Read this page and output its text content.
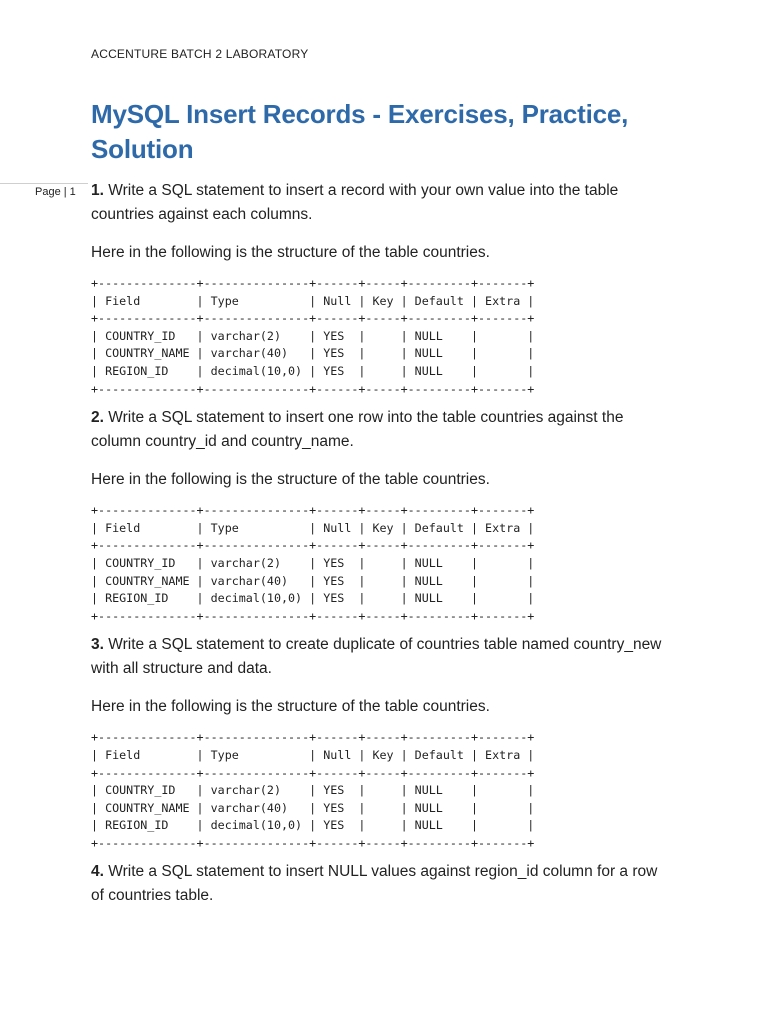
ACCENTURE BATCH 2 LABORATORY
MySQL Insert Records - Exercises, Practice, Solution
Page | 1 1. Write a SQL statement to insert a record with your own value into the table countries against each columns.

Here in the following is the structure of the table countries.

+--------------+---------------+------+-----+---------+-------+
| Field        | Type          | Null | Key | Default | Extra |
+--------------+---------------+------+-----+---------+-------+
| COUNTRY_ID   | varchar(2)    | YES  |     | NULL    |       |
| COUNTRY_NAME | varchar(40)   | YES  |     | NULL    |       |
| REGION_ID    | decimal(10,0) | YES  |     | NULL    |       |
+--------------+---------------+------+-----+---------+-------+

2. Write a SQL statement to insert one row into the table countries against the column country_id and country_name.

Here in the following is the structure of the table countries.

+--------------+---------------+------+-----+---------+-------+
| Field        | Type          | Null | Key | Default | Extra |
+--------------+---------------+------+-----+---------+-------+
| COUNTRY_ID   | varchar(2)    | YES  |     | NULL    |       |
| COUNTRY_NAME | varchar(40)   | YES  |     | NULL    |       |
| REGION_ID    | decimal(10,0) | YES  |     | NULL    |       |
+--------------+---------------+------+-----+---------+-------+

3. Write a SQL statement to create duplicate of countries table named country_new with all structure and data.

Here in the following is the structure of the table countries.

+--------------+---------------+------+-----+---------+-------+
| Field        | Type          | Null | Key | Default | Extra |
+--------------+---------------+------+-----+---------+-------+
| COUNTRY_ID   | varchar(2)    | YES  |     | NULL    |       |
| COUNTRY_NAME | varchar(40)   | YES  |     | NULL    |       |
| REGION_ID    | decimal(10,0) | YES  |     | NULL    |       |
+--------------+---------------+------+-----+---------+-------+

4. Write a SQL statement to insert NULL values against region_id column for a row of countries table.
